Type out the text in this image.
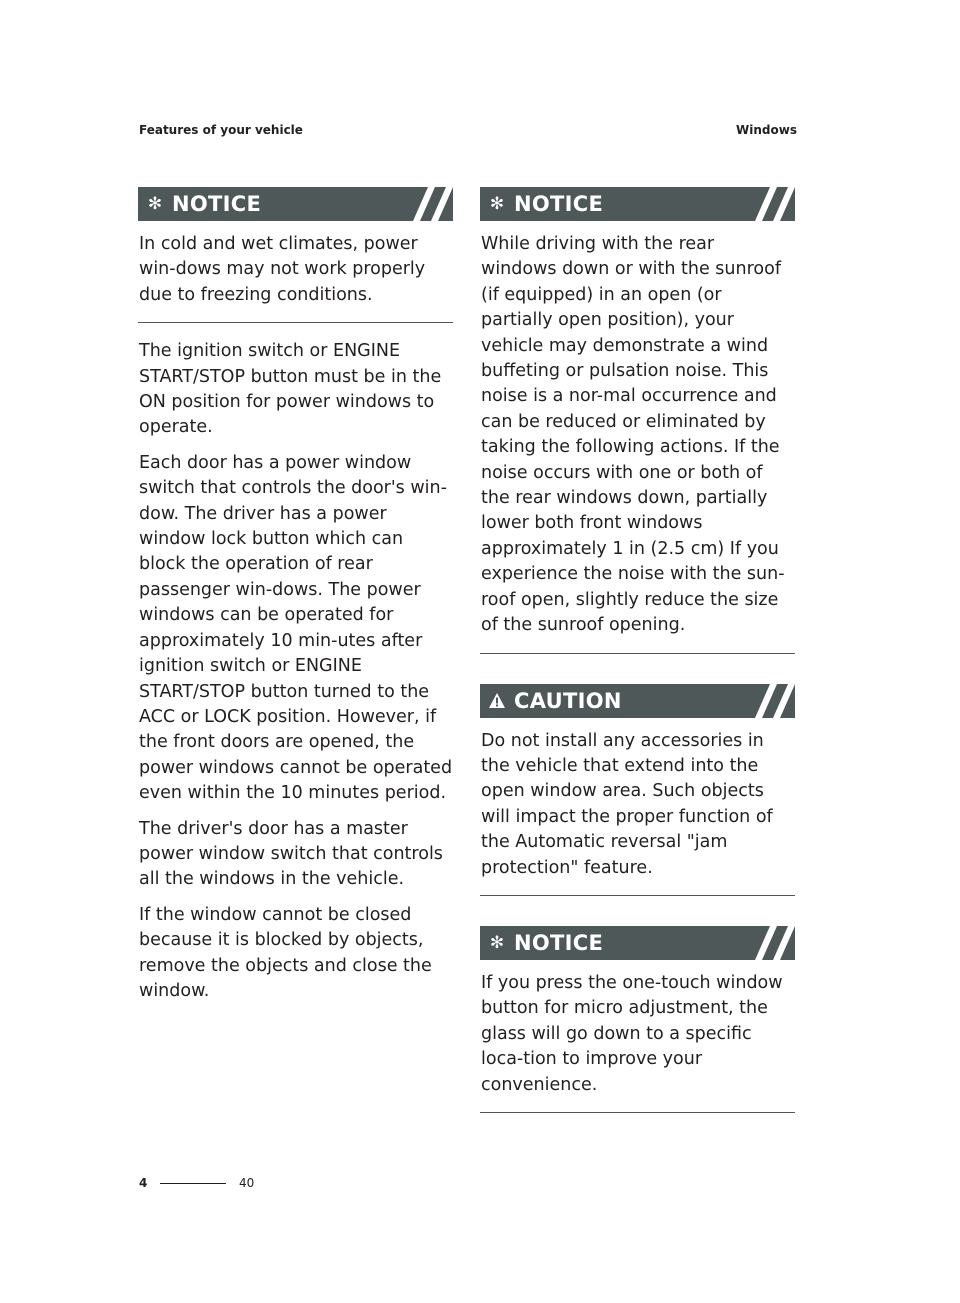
Features of your vehicle	Windows
✻ NOTICE
In cold and wet climates, power win-dows may not work properly due to freezing conditions.
The ignition switch or ENGINE START/STOP button must be in the ON position for power windows to operate.
Each door has a power window switch that controls the door's win-dow. The driver has a power window lock button which can block the operation of rear passenger win-dows. The power windows can be operated for approximately 10 min-utes after ignition switch or ENGINE START/STOP button turned to the ACC or LOCK position. However, if the front doors are opened, the power windows cannot be operated even within the 10 minutes period.
The driver's door has a master power window switch that controls all the windows in the vehicle.
If the window cannot be closed because it is blocked by objects, remove the objects and close the window.
✻ NOTICE
While driving with the rear windows down or with the sunroof (if equipped) in an open (or partially open position), your vehicle may demonstrate a wind buffeting or pulsation noise. This noise is a nor-mal occurrence and can be reduced or eliminated by taking the following actions. If the noise occurs with one or both of the rear windows down, partially lower both front windows approximately 1 in (2.5 cm) If you experience the noise with the sun-roof open, slightly reduce the size of the sunroof opening.
CAUTION
Do not install any accessories in the vehicle that extend into the open window area. Such objects will impact the proper function of the Automatic reversal "jam protection" feature.
✻ NOTICE
If you press the one-touch window button for micro adjustment, the glass will go down to a specific loca-tion to improve your convenience.
4	40
